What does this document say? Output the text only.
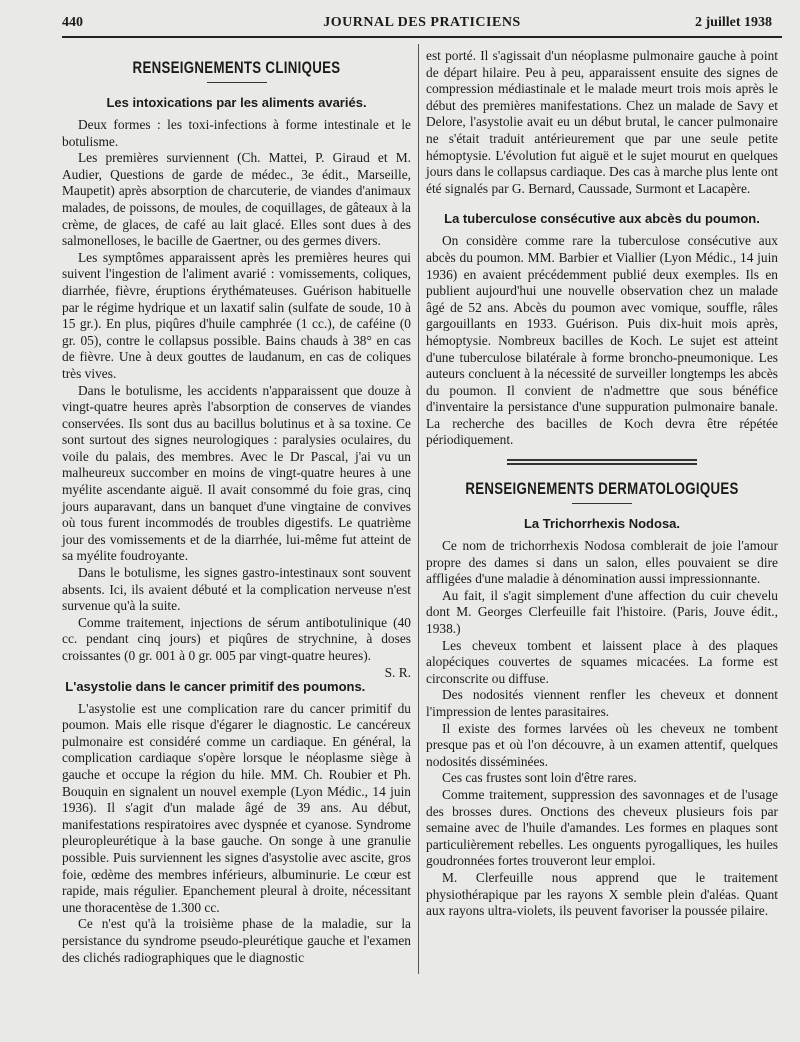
440	JOURNAL DES PRATICIENS	2 juillet 1938
RENSEIGNEMENTS CLINIQUES
Les intoxications par les aliments avariés.

Deux formes : les toxi-infections à forme intestinale et le botulisme.

Les premières surviennent (Ch. Mattei, P. Giraud et M. Audier, Questions de garde de médec., 3e édit., Marseille, Maupetit) après absorption de charcuterie, de viandes d'animaux malades, de poissons, de moules, de coquillages, de gâteaux à la crème, de glaces, de café au lait glacé. Elles sont dues à des salmonelloses, le bacille de Gaertner, ou des germes divers.

Les symptômes apparaissent après les premières heures qui suivent l'ingestion de l'aliment avarié : vomissements, coliques, diarrhée, fièvre, éruptions érythémateuses. Guérison habituelle par le régime hydrique et un laxatif salin (sulfate de soude, 10 à 15 gr.). En plus, piqûres d'huile camphrée (1 cc.), de caféine (0 gr. 05), contre le collapsus possible. Bains chauds à 38° en cas de fièvre. Une à deux gouttes de laudanum, en cas de coliques très vives.

Dans le botulisme, les accidents n'apparaissent que douze à vingt-quatre heures après l'absorption de conserves de viandes conservées. Ils sont dus au bacillus bolutinus et à sa toxine. Ce sont surtout des signes neurologiques : paralysies oculaires, du voile du palais, des membres. Avec le Dr Pascal, j'ai vu un malheureux succomber en moins de vingt-quatre heures à une myélite ascendante aiguë. Il avait consommé du foie gras, cinq jours auparavant, dans un banquet d'une vingtaine de convives où tous furent incommodés de troubles digestifs. Le quatrième jour des vomissements et de la diarrhée, lui-même fut atteint de sa myélite foudroyante.

Dans le botulisme, les signes gastro-intestinaux sont souvent absents. Ici, ils avaient débuté et la complication nerveuse n'est survenue qu'à la suite.

Comme traitement, injections de sérum antibotulinique (40 cc. pendant cinq jours) et piqûres de strychnine, à doses croissantes (0 gr. 001 à 0 gr. 005 par vingt-quatre heures).
S. R.

L'asystolie dans le cancer primitif des poumons.

L'asystolie est une complication rare du cancer primitif du poumon. Mais elle risque d'égarer le diagnostic. Le cancéreux pulmonaire est considéré comme un cardiaque. En général, la complication cardiaque s'opère lorsque le néoplasme siège à gauche et occupe la région du hile. MM. Ch. Roubier et Ph. Bouquin en signalent un nouvel exemple (Lyon Médic., 14 juin 1936). Il s'agit d'un malade âgé de 39 ans. Au début, manifestations respiratoires avec dyspnée et cyanose. Syndrome pleuropleurétique à la base gauche. On songe à une granulie possible. Puis surviennent les signes d'asystolie avec ascite, gros foie, œdème des membres inférieurs, albuminurie. Le cœur est rapide, mais régulier. Epanchement pleural à droite, nécessitant une thoracentèse de 1.300 cc.

Ce n'est qu'à la troisième phase de la maladie, sur la persistance du syndrome pseudo-pleurétique gauche et l'examen des clichés radiographiques que le diagnostic

est porté. Il s'agissait d'un néoplasme pulmonaire gauche à point de départ hilaire. Peu à peu, apparaissent ensuite des signes de compression médiastinale et le malade meurt trois mois après le début des premières manifestations. Chez un malade de Savy et Delore, l'asystolie avait eu un début brutal, le cancer pulmonaire ne s'était traduit antérieurement que par une seule petite hémoptysie. L'évolution fut aiguë et le sujet mourut en quelques jours dans le collapsus cardiaque. Des cas à marche plus lente ont été signalés par G. Bernard, Caussade, Surmont et Lacapère.

La tuberculose consécutive aux abcès du poumon.

On considère comme rare la tuberculose consécutive aux abcès du poumon. MM. Barbier et Viallier (Lyon Médic., 14 juin 1936) en avaient précédemment publié deux exemples. Ils en publient aujourd'hui une nouvelle observation chez un malade âgé de 52 ans. Abcès du poumon avec vomique, souffle, râles gargouillants en 1933. Guérison. Puis dix-huit mois après, hémoptysie. Nombreux bacilles de Koch. Le sujet est atteint d'une tuberculose bilatérale à forme broncho-pneumonique. Les auteurs concluent à la nécessité de surveiller longtemps les abcès du poumon. Il convient de n'admettre que sous bénéfice d'inventaire la persistance d'une suppuration pulmonaire banale. La recherche des bacilles de Koch devra être répétée périodiquement.

RENSEIGNEMENTS DERMATOLOGIQUES
La Trichorrhexis Nodosa.

Ce nom de trichorrhexis Nodosa comblerait de joie l'amour propre des dames si dans un salon, elles pouvaient se dire affligées d'une maladie à dénomination aussi impressionnante.

Au fait, il s'agit simplement d'une affection du cuir chevelu dont M. Georges Clerfeuille fait l'histoire. (Paris, Jouve édit., 1938.)

Les cheveux tombent et laissent place à des plaques alopéciques couvertes de squames micacées. La forme est circonscrite ou diffuse.

Des nodosités viennent renfler les cheveux et donnent l'impression de lentes parasitaires.

Il existe des formes larvées où les cheveux ne tombent presque pas et où l'on découvre, à un examen attentif, quelques nodosités disséminées.

Ces cas frustes sont loin d'être rares.

Comme traitement, suppression des savonnages et de l'usage des brosses dures. Onctions des cheveux plusieurs fois par semaine avec de l'huile d'amandes. Les formes en plaques sont particulièrement rebelles. Les onguents pyrogalliques, les huiles goudronnées fortes trouveront leur emploi.

M. Clerfeuille nous apprend que le traitement physiothérapique par les rayons X semble plein d'aléas. Quant aux rayons ultra-violets, ils peuvent favoriser la poussée pilaire.
